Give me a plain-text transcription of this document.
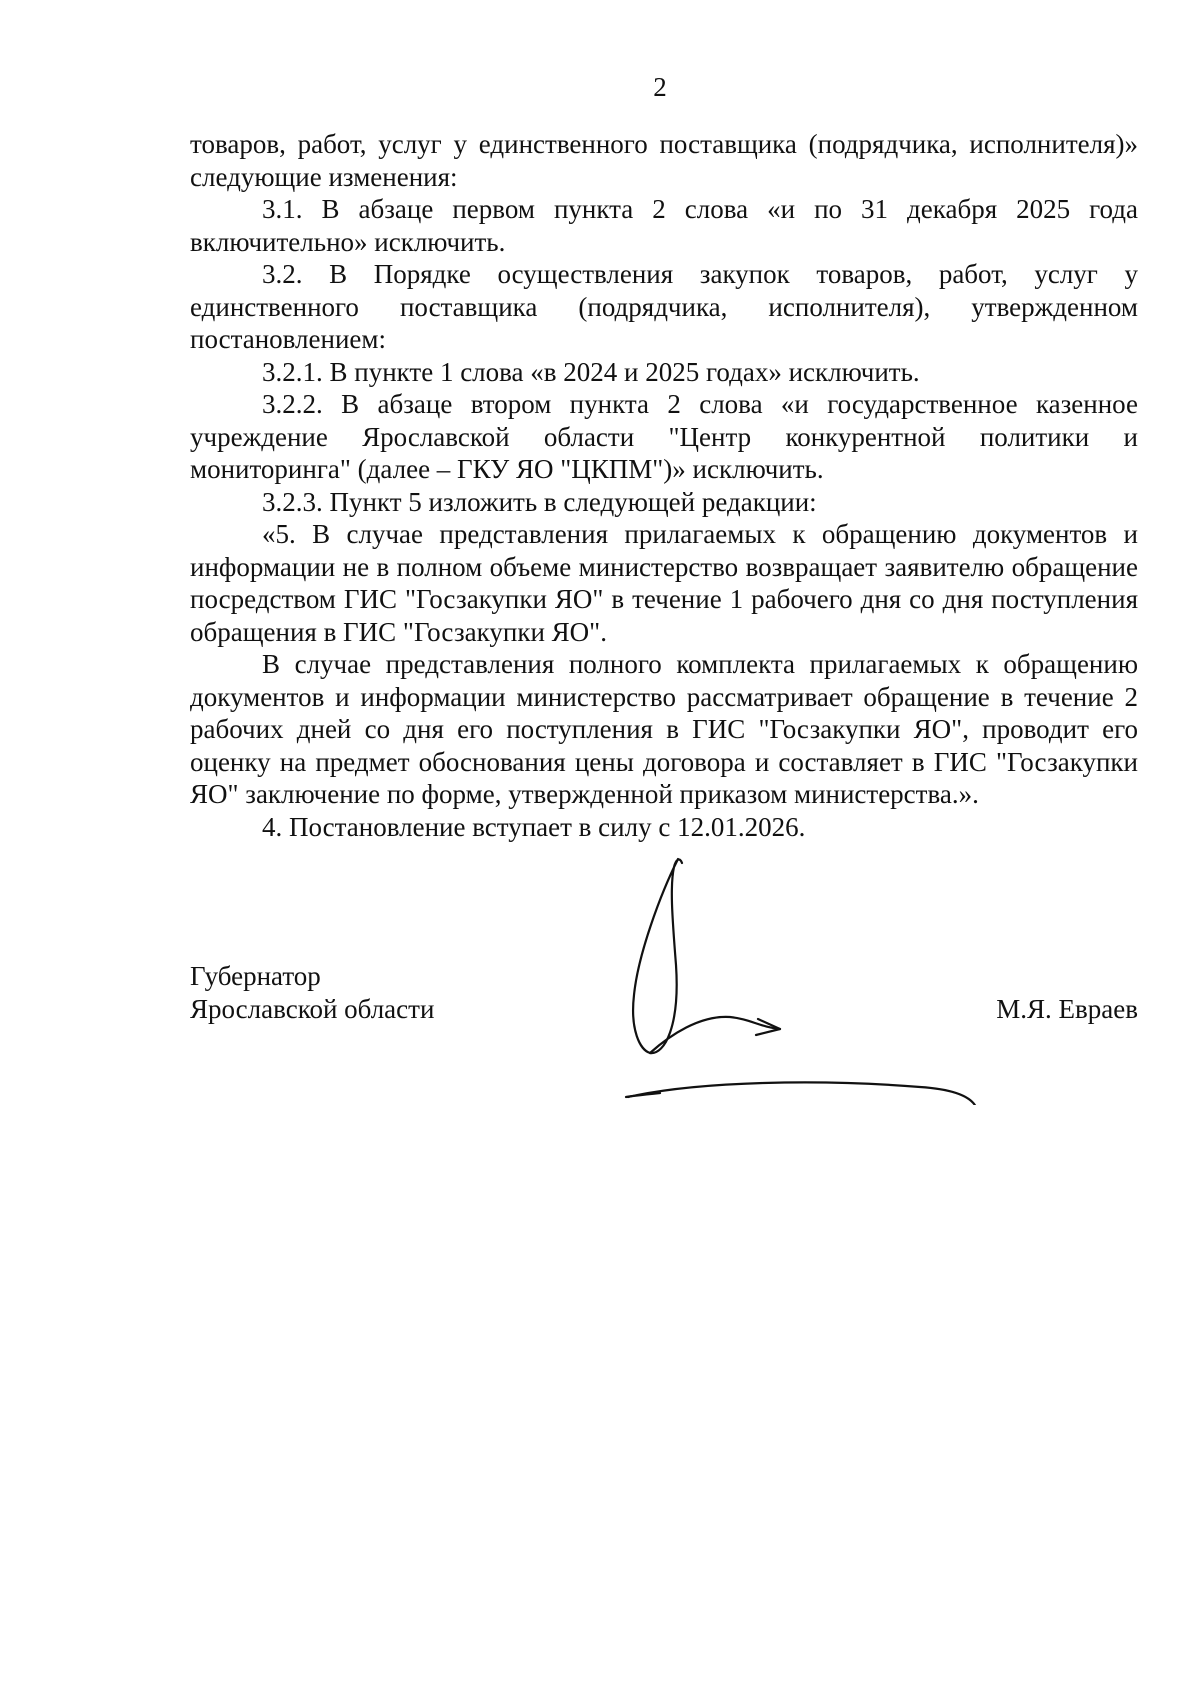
2

товаров, работ, услуг у единственного поставщика (подрядчика, исполнителя)» следующие изменения:

3.1. В абзаце первом пункта 2 слова «и по 31 декабря 2025 года включительно» исключить.

3.2. В Порядке осуществления закупок товаров, работ, услуг у единственного поставщика (подрядчика, исполнителя), утвержденном постановлением:

3.2.1. В пункте 1 слова «в 2024 и 2025 годах» исключить.

3.2.2. В абзаце втором пункта 2 слова «и государственное казенное учреждение Ярославской области "Центр конкурентной политики и мониторинга" (далее – ГКУ ЯО "ЦКПМ")» исключить.

3.2.3. Пункт 5 изложить в следующей редакции:

«5. В случае представления прилагаемых к обращению документов и информации не в полном объеме министерство возвращает заявителю обращение посредством ГИС "Госзакупки ЯО" в течение 1 рабочего дня со дня поступления обращения в ГИС "Госзакупки ЯО".

В случае представления полного комплекта прилагаемых к обращению документов и информации министерство рассматривает обращение в течение 2 рабочих дней со дня его поступления в ГИС "Госзакупки ЯО", проводит его оценку на предмет обоснования цены договора и составляет в ГИС "Госзакупки ЯО" заключение по форме, утвержденной приказом министерства.».

4. Постановление вступает в силу с 12.01.2026.

Губернатор
Ярославской области	М.Я. Евраев
